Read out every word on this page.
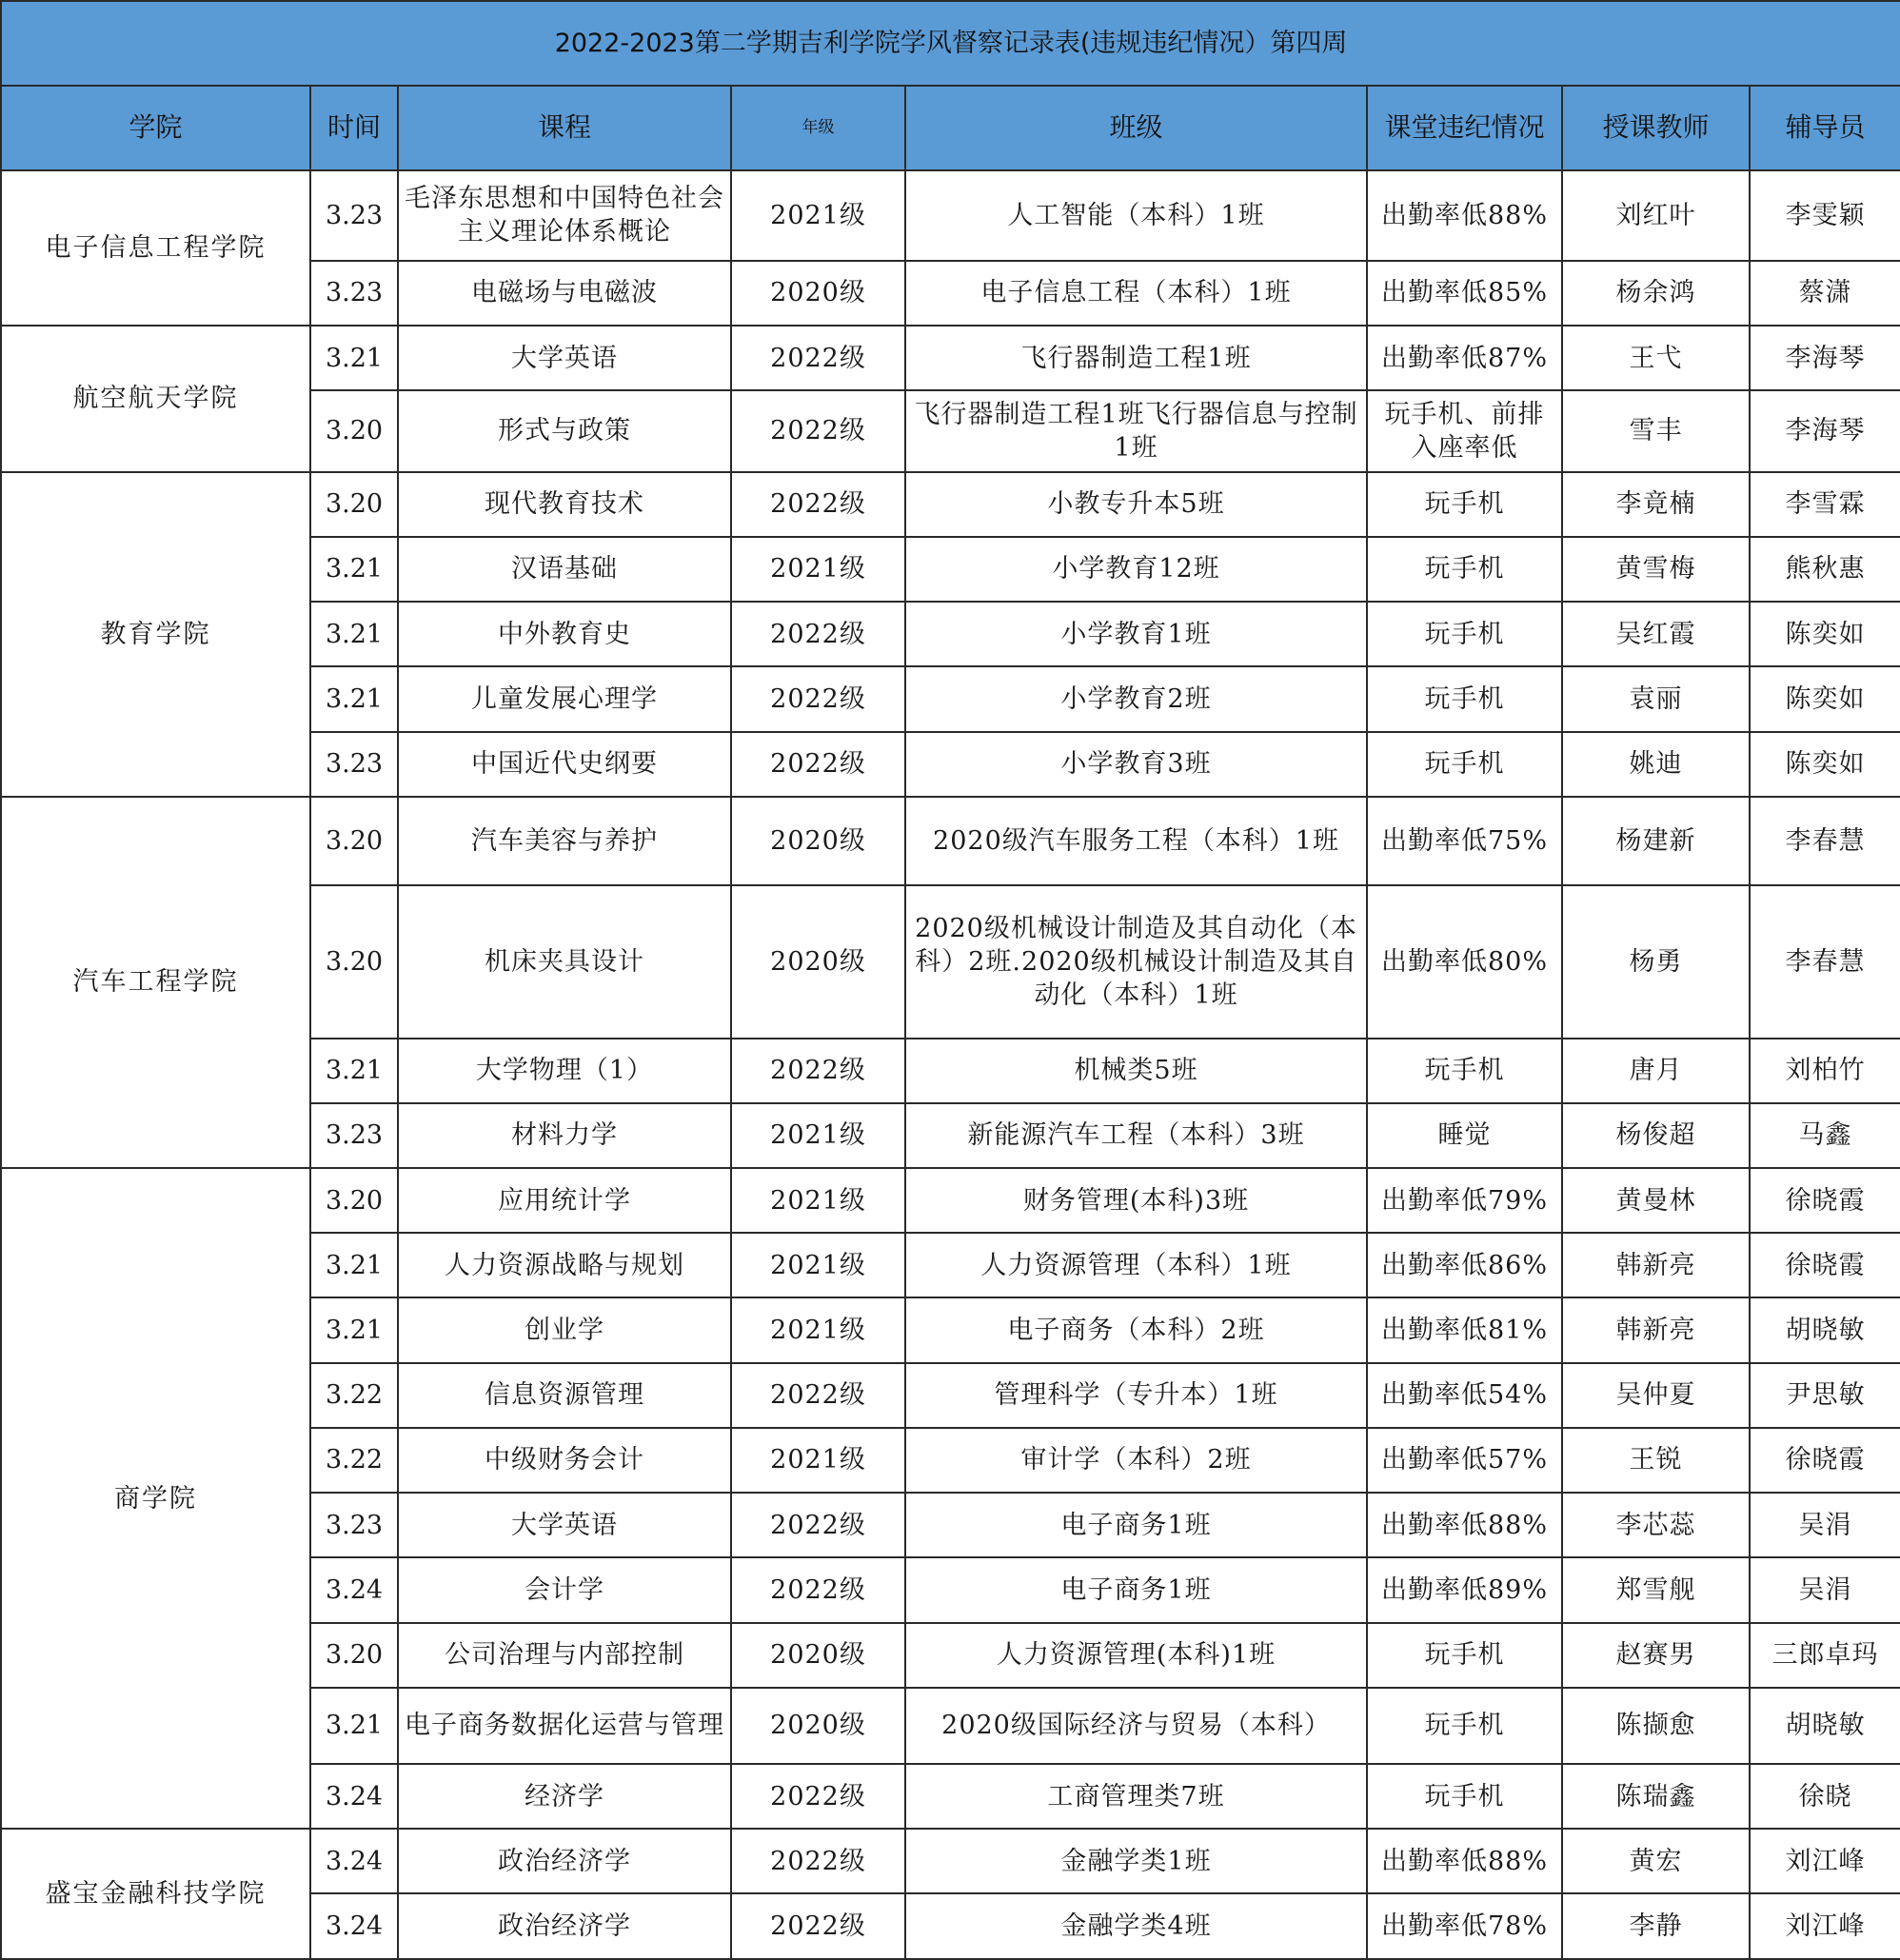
2022-2023第二学期吉利学院学风督察记录表(违规违纪情况）第四周							
学院	时间	课程	年级	班级	课堂违纪情况	授课教师	辅导员
电子信息工程学院	3.23	毛泽东思想和中国特色社会主义理论体系概论	2021级	人工智能（本科）1班	出勤率低88%	刘红叶	李雯颖
	3.23	电磁场与电磁波	2020级	电子信息工程（本科）1班	出勤率低85%	杨余鸿	蔡潇
航空航天学院	3.21	大学英语	2022级	飞行器制造工程1班	出勤率低87%	王弋	李海琴
	3.20	形式与政策	2022级	飞行器制造工程1班飞行器信息与控制1班	玩手机、前排入座率低	雪丰	李海琴
教育学院	3.20	现代教育技术	2022级	小教专升本5班	玩手机	李竟楠	李雪霖
	3.21	汉语基础	2021级	小学教育12班	玩手机	黄雪梅	熊秋惠
	3.21	中外教育史	2022级	小学教育1班	玩手机	吴红霞	陈奕如
	3.21	儿童发展心理学	2022级	小学教育2班	玩手机	袁丽	陈奕如
	3.23	中国近代史纲要	2022级	小学教育3班	玩手机	姚迪	陈奕如
汽车工程学院	3.20	汽车美容与养护	2020级	2020级汽车服务工程（本科）1班	出勤率低75%	杨建新	李春慧
	3.20	机床夹具设计	2020级	2020级机械设计制造及其自动化（本科）2班.2020级机械设计制造及其自动化（本科）1班	出勤率低80%	杨勇	李春慧
	3.21	大学物理（1）	2022级	机械类5班	玩手机	唐月	刘柏竹
	3.23	材料力学	2021级	新能源汽车工程（本科）3班	睡觉	杨俊超	马鑫
商学院	3.20	应用统计学	2021级	财务管理(本科)3班	出勤率低79%	黄曼林	徐晓霞
	3.21	人力资源战略与规划	2021级	人力资源管理（本科）1班	出勤率低86%	韩新亮	徐晓霞
	3.21	创业学	2021级	电子商务（本科）2班	出勤率低81%	韩新亮	胡晓敏
	3.22	信息资源管理	2022级	管理科学（专升本）1班	出勤率低54%	吴仲夏	尹思敏
	3.22	中级财务会计	2021级	审计学（本科）2班	出勤率低57%	王锐	徐晓霞
	3.23	大学英语	2022级	电子商务1班	出勤率低88%	李芯蕊	吴涓
	3.24	会计学	2022级	电子商务1班	出勤率低89%	郑雪舰	吴涓
	3.20	公司治理与内部控制	2020级	人力资源管理(本科)1班	玩手机	赵赛男	三郎卓玛
	3.21	电子商务数据化运营与管理	2020级	2020级国际经济与贸易（本科）	玩手机	陈撷愈	胡晓敏
	3.24	经济学	2022级	工商管理类7班	玩手机	陈瑞鑫	徐晓
盛宝金融科技学院	3.24	政治经济学	2022级	金融学类1班	出勤率低88%	黄宏	刘江峰
	3.24	政治经济学	2022级	金融学类4班	出勤率低78%	李静	刘江峰
